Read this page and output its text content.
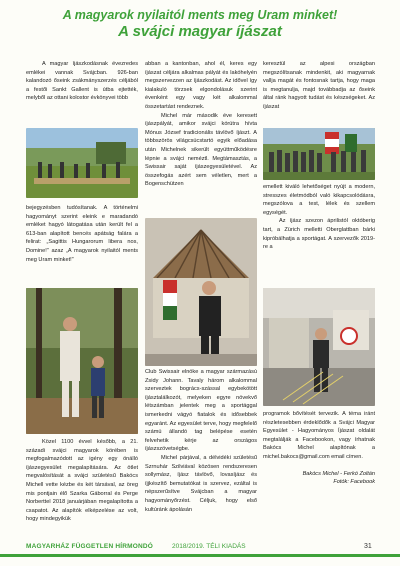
A magyarok nyilaitól ments meg Uram minket!
A svájci magyar íjászat

A magyar íjászkodásnak évezredes emlékei vannak Svájcban. 926-ban kalandozó őseink zsákmányszerzés céljából a festői Sankt Gallent is útba ejtették, melyből az ottani kolostor évkönyvei több

bejegyzésben tudósítanak. A történelmi hagyományt szerint eleink e maradandó emléket hagyó látogatása után került fel a 613-ban alapított bencés apátság falára a felirat: „Sagittis Hungarorum libera nos, Domine!” azaz „A magyarok nyilaitól ments meg Uram minket!”

Közel 1100 évvel később, a 21. századi svájci magyarok körében is megfogalmazódott az igény egy önálló íjászegyesület megalapítására. Az ötlet megvalósítását a svájci születésű Bakócs Michell vette kézbe és két társával, az öreg mis pontjain élő Szarka Gáborral és Perge Norberttel 2018 januárjában megalapította a csapatot. Az alapítók elképzelése az volt, hogy mindegyikük

abban a kantonban, ahol él, keres egy íjászat céljára alkalmas pályát és lakóhelyén megszervezzen az íjászkodást. Az idővel így kialakuló törzsek elgondolásuk szerint évenként egy vagy két alkalommal összetartást rendeznek.

Michel már második éve keresett íjászpályát, amikor svájci kórútra hívta Mónus József tradicionális távlövő íjászt. A többszörös világcsúcstartó egyik előadása után Michelnek sikerült együttműködésre lépnie a svájci neméztl. Megtámasztás, a Swissair saját íjászegyesületével. Az összefogás azért sem véletlen, mert a Bogenschützen

Club Swissair elnöke a magyar származású Zsidy Johann. Tavaly három alkalommal szerveztek bogrács-szással egybekötött íjásztalálkozót, melyeken egyre növekvő létszámban jelentek meg a sportággal ismerkedni vágyó fiatalok és idősebbek egyaránt. Az egyesület terve, hogy megfelelő számú állandó tag belépése esetén felvehetik kérje az országos íjászszövetségbe.

Michel párjával, a délvidéki születésű Szrnuhár Szilviával közösen rendszeresen sollymász, íjász távlövő, lovasíjász és íjjkészítő bemutatókat is szervez, ezáltal is népszerűsítve Svájcban a magyar hagyományőrzést. Céljuk, hogy első kultúránk ápolásán

keresztül az alpesi országban megszólítsanak mindenkit, aki magyarnak vallja magát és fontosnak tartja, hogy maga is megtanulja, majd továbbadja az őseink által ránk hagyott tudást és készségeket. Az íjászat

emellett kiváló lehetőséget nyújt a modern, stresszes életmódból való kikapcsolódásra, megszólova a test, lélek és szellem egységét.

Az íjász szezon áprilistól októberig tart, a Zürich melletti Oberglattban bárki kipróbálhatja a sportágat. A szervezők 2019-re a

programok bővítését tervezik. A téma iránt részletesebben érdeklődők a Svájci Magyar Egyesület - Hagyományos Íjászat oldalát megtalálják a Facebookon, vagy írhatnak Bakócs Michel alapítónak a michel.bakocs@gmail.com email címen.

Bakócs Michel - Ferkó Zoltán
Fotók: Facebook
MAGYARHÁZ FÜGGETLEN HÍRMONDÓ	2018/2019. TÉLI KIADÁS	31
